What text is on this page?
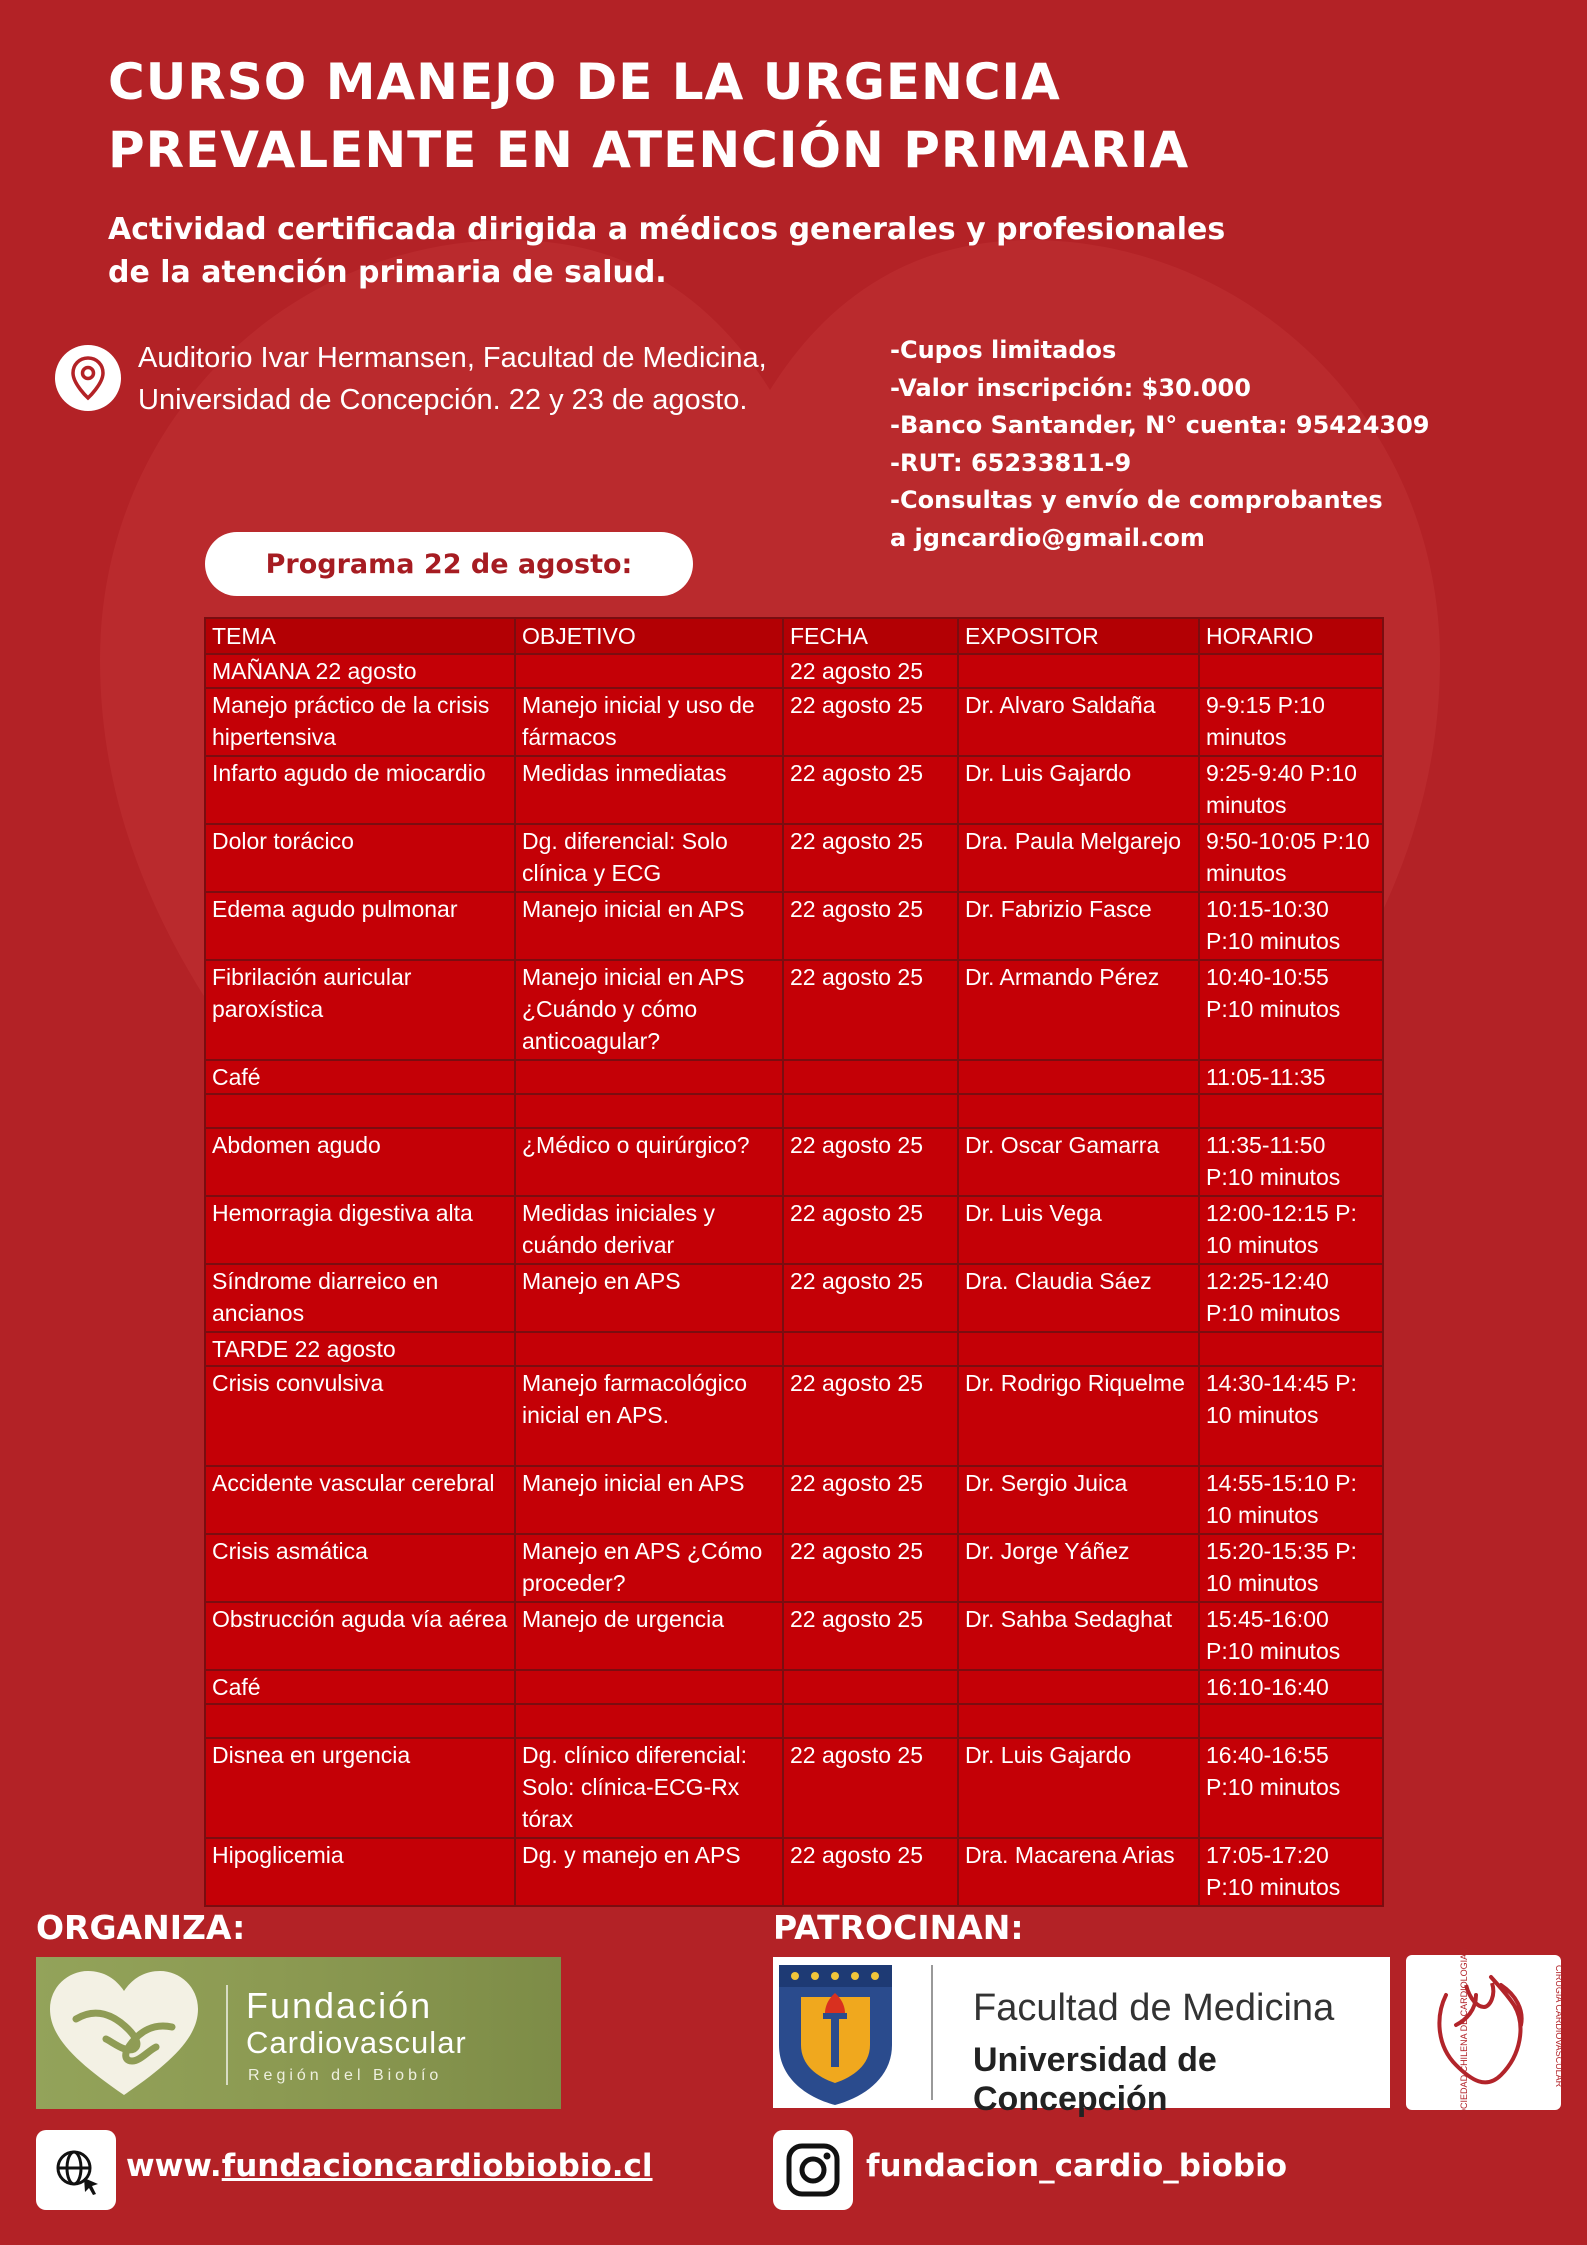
CURSO MANEJO DE LA URGENCIA
PREVALENTE EN ATENCIÓN PRIMARIA
Actividad certificada dirigida a médicos generales y profesionales
de la atención primaria de salud.
Auditorio Ivar Hermansen, Facultad de Medicina,
Universidad de Concepción. 22 y 23 de agosto.
-Cupos limitados
-Valor inscripción: $30.000
-Banco Santander, N° cuenta: 95424309
-RUT: 65233811-9
-Consultas y envío de comprobantes
a jgncardio@gmail.com
Programa 22 de agosto:
TEMA	OBJETIVO	FECHA	EXPOSITOR	HORARIO
MAÑANA 22 agosto		22 agosto 25		
Manejo práctico de la crisis hipertensiva	Manejo inicial y uso de fármacos	22 agosto 25	Dr. Alvaro Saldaña	9-9:15 P:10 minutos
Infarto agudo de miocardio	Medidas inmediatas	22 agosto 25	Dr. Luis Gajardo	9:25-9:40 P:10 minutos
Dolor torácico	Dg. diferencial: Solo clínica y ECG	22 agosto 25	Dra. Paula Melgarejo	9:50-10:05 P:10 minutos
Edema agudo pulmonar	Manejo inicial en APS	22 agosto 25	Dr. Fabrizio Fasce	10:15-10:30 P:10 minutos
Fibrilación auricular paroxística	Manejo inicial en APS ¿Cuándo y cómo anticoagular?	22 agosto 25	Dr. Armando Pérez	10:40-10:55 P:10 minutos
Café				11:05-11:35

Abdomen agudo	¿Médico o quirúrgico?	22 agosto 25	Dr. Oscar Gamarra	11:35-11:50 P:10 minutos
Hemorragia digestiva alta	Medidas iniciales y cuándo derivar	22 agosto 25	Dr. Luis Vega	12:00-12:15 P: 10 minutos
Síndrome diarreico en ancianos	Manejo en APS	22 agosto 25	Dra. Claudia Sáez	12:25-12:40 P:10 minutos
TARDE 22 agosto				
Crisis convulsiva	Manejo farmacológico inicial en APS.	22 agosto 25	Dr. Rodrigo Riquelme	14:30-14:45 P: 10 minutos
Accidente vascular cerebral	Manejo inicial en APS	22 agosto 25	Dr. Sergio Juica	14:55-15:10 P: 10 minutos
Crisis asmática	Manejo en APS ¿Cómo proceder?	22 agosto 25	Dr. Jorge Yáñez	15:20-15:35 P: 10 minutos
Obstrucción aguda vía aérea	Manejo de urgencia	22 agosto 25	Dr. Sahba Sedaghat	15:45-16:00 P:10 minutos
Café				16:10-16:40

Disnea en urgencia	Dg. clínico diferencial: Solo: clínica-ECG-Rx tórax	22 agosto 25	Dr. Luis Gajardo	16:40-16:55 P:10 minutos
Hipoglicemia	Dg. y manejo en APS	22 agosto 25	Dra. Macarena Arias	17:05-17:20 P:10 minutos
ORGANIZA:	PATROCINAN:
Fundación
Cardiovascular
Región del Biobío
Facultad de Medicina
Universidad de Concepción	SOCIEDAD CHILENA DE CARDIOLOGIA Y	CIRUGIA CARDIOVASCULAR
www.fundacioncardiobiobio.cl	fundacion_cardio_biobio
